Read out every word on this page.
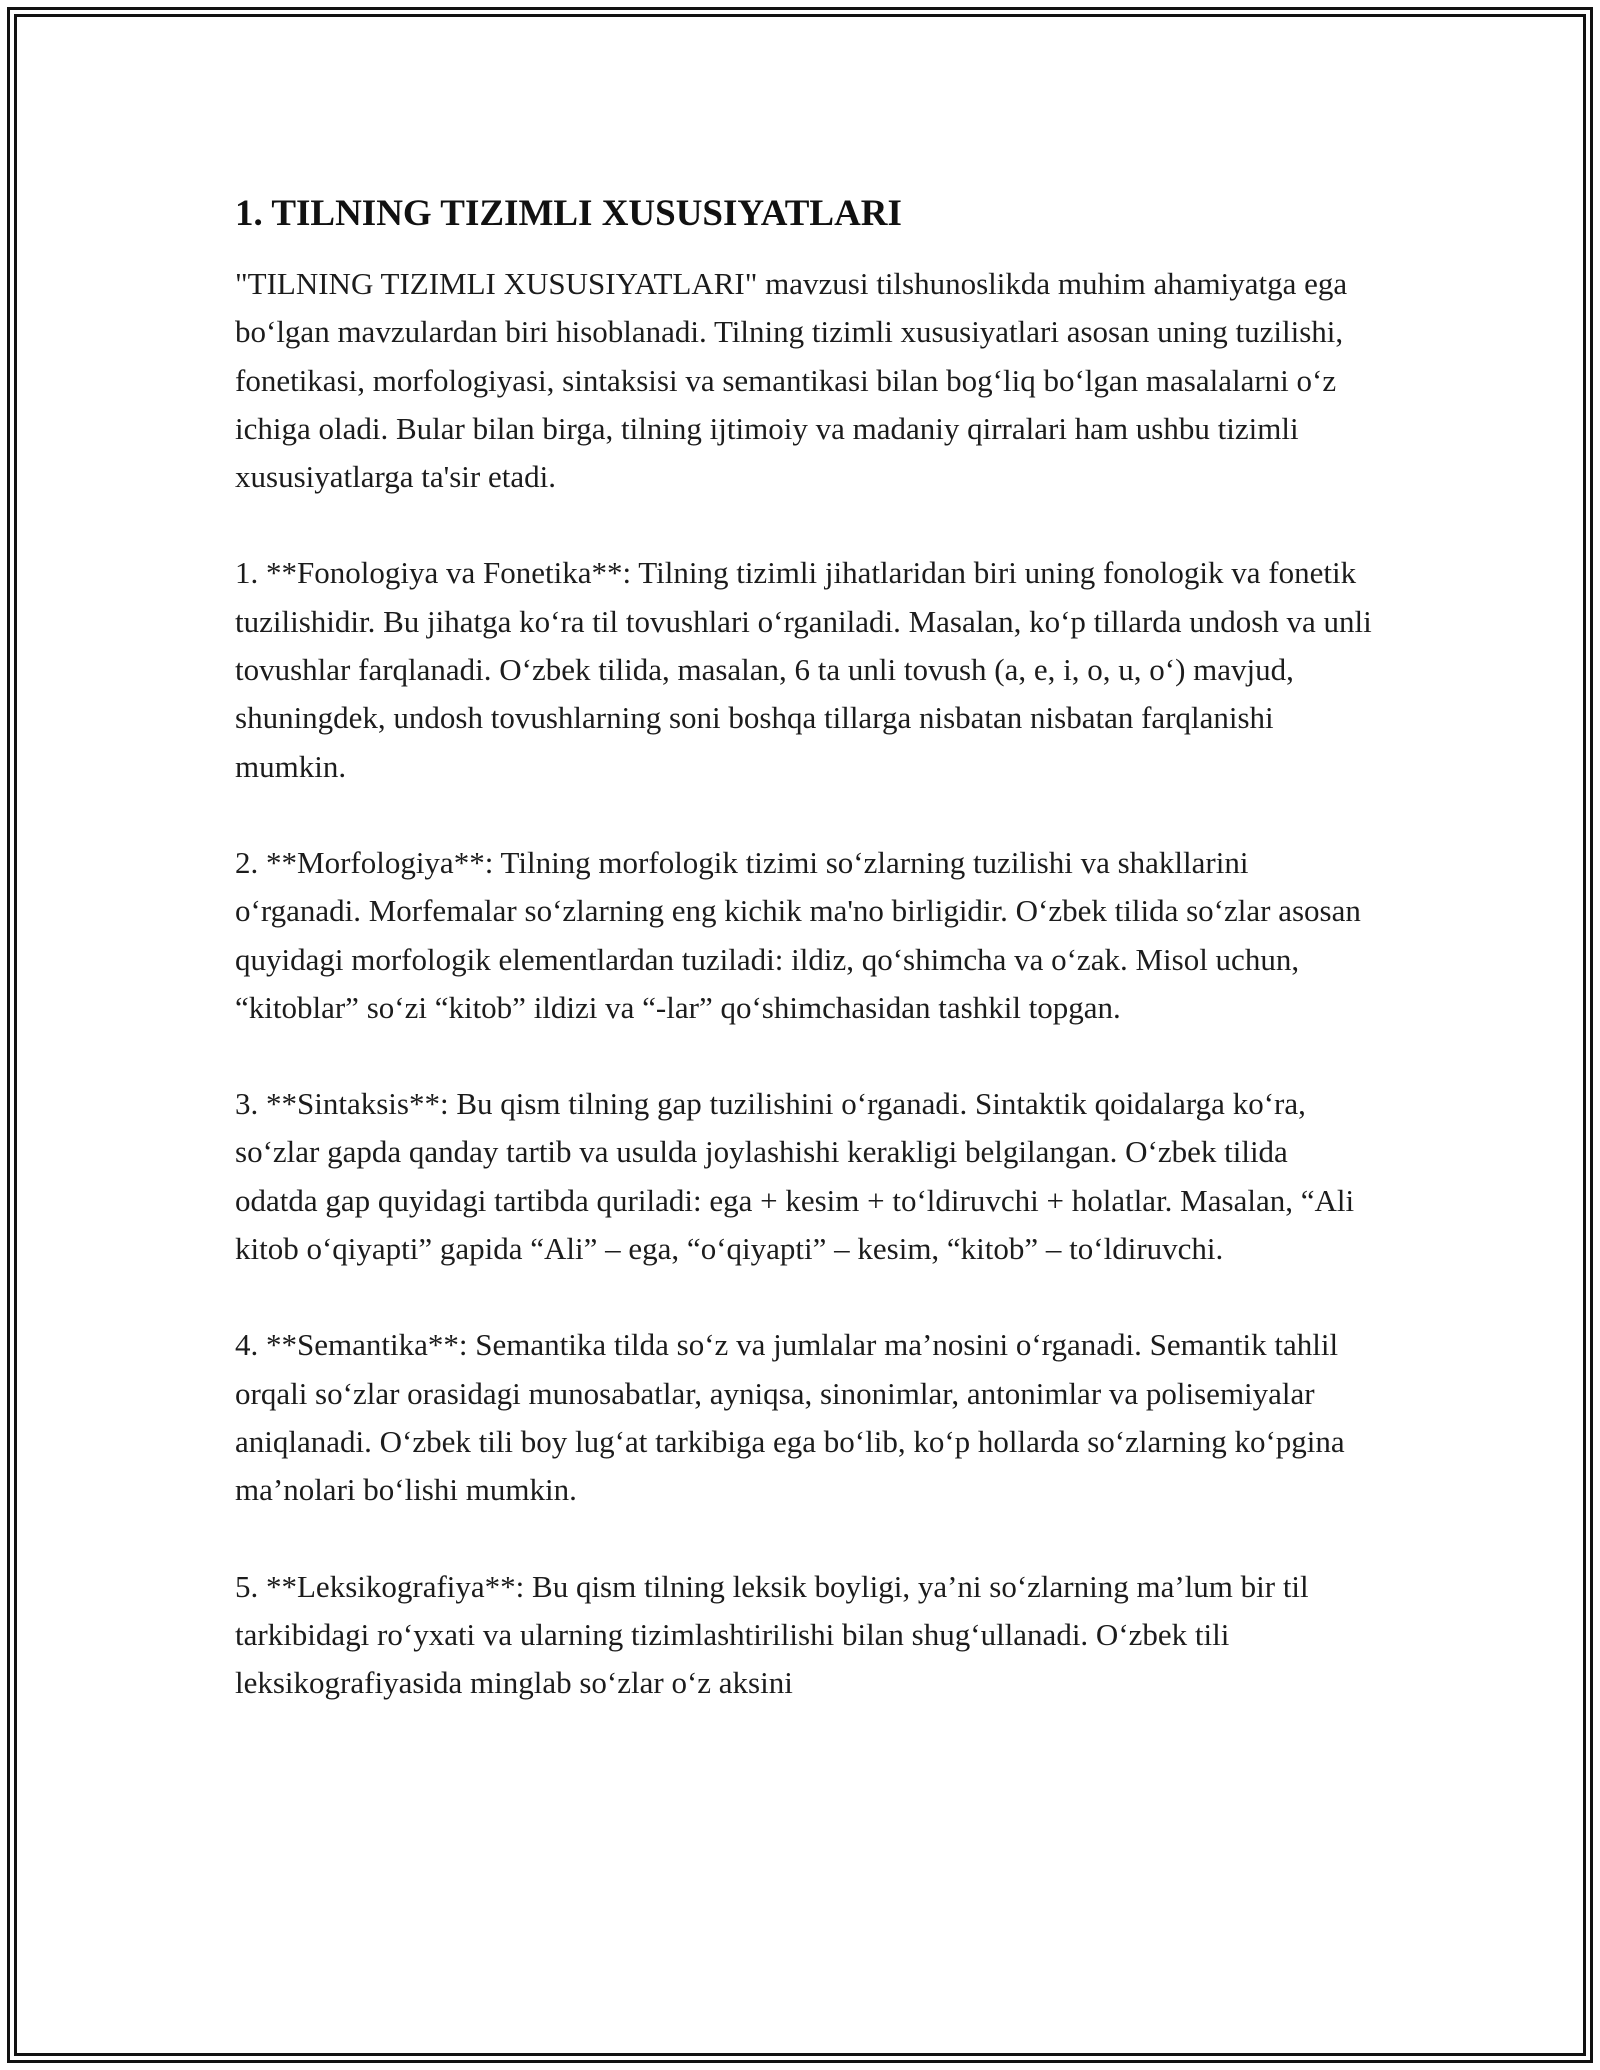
1. TILNING TIZIMLI XUSUSIYATLARI

"TILNING TIZIMLI XUSUSIYATLARI" mavzusi tilshunoslikda muhim ahamiyatga ega boʻlgan mavzulardan biri hisoblanadi. Tilning tizimli xususiyatlari asosan uning tuzilishi, fonetikasi, morfologiyasi, sintaksisi va semantikasi bilan bogʻliq boʻlgan masalalarni oʻz ichiga oladi. Bular bilan birga, tilning ijtimoiy va madaniy qirralari ham ushbu tizimli xususiyatlarga ta'sir etadi.

1. **Fonologiya va Fonetika**: Tilning tizimli jihatlaridan biri uning fonologik va fonetik tuzilishidir. Bu jihatga koʻra til tovushlari oʻrganiladi. Masalan, koʻp tillarda undosh va unli tovushlar farqlanadi. Oʻzbek tilida, masalan, 6 ta unli tovush (a, e, i, o, u, oʻ) mavjud, shuningdek, undosh tovushlarning soni boshqa tillarga nisbatan nisbatan farqlanishi mumkin.

2. **Morfologiya**: Tilning morfologik tizimi soʻzlarning tuzilishi va shakllarini oʻrganadi. Morfemalar soʻzlarning eng kichik ma'no birligidir. Oʻzbek tilida soʻzlar asosan quyidagi morfologik elementlardan tuziladi: ildiz, qoʻshimcha va oʻzak. Misol uchun, “kitoblar” soʻzi “kitob” ildizi va “-lar” qoʻshimchasidan tashkil topgan.

3. **Sintaksis**: Bu qism tilning gap tuzilishini oʻrganadi. Sintaktik qoidalarga koʻra, soʻzlar gapda qanday tartib va usulda joylashishi kerakligi belgilangan. Oʻzbek tilida odatda gap quyidagi tartibda quriladi: ega + kesim + toʻldiruvchi + holatlar. Masalan, “Ali kitob oʻqiyapti” gapida “Ali” – ega, “oʻqiyapti” – kesim, “kitob” – toʻldiruvchi.

4. **Semantika**: Semantika tilda soʻz va jumlalar ma’nosini oʻrganadi. Semantik tahlil orqali soʻzlar orasidagi munosabatlar, ayniqsa, sinonimlar, antonimlar va polisemiyalar aniqlanadi. Oʻzbek tili boy lugʻat tarkibiga ega boʻlib, koʻp hollarda soʻzlarning koʻpgina ma’nolari boʻlishi mumkin.

5. **Leksikografiya**: Bu qism tilning leksik boyligi, ya’ni soʻzlarning ma’lum bir til tarkibidagi roʻyxati va ularning tizimlashtirilishi bilan shugʻullanadi. Oʻzbek tili leksikografiyasida minglab soʻzlar oʻz aksini
